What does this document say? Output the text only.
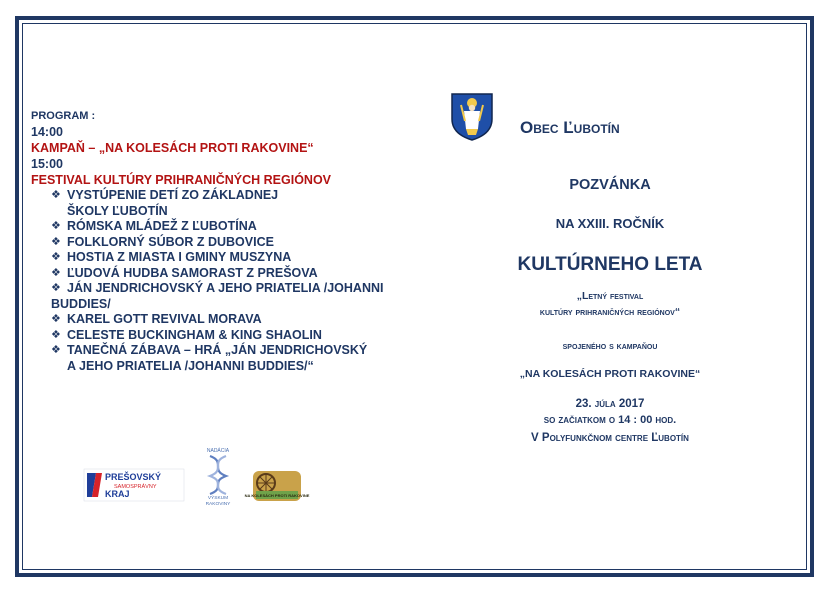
PROGRAM :
14:00
KAMPAŇ – „NA KOLESÁCH PROTI RAKOVINE“
15:00
FESTIVAL KULTÚRY PRIHRANIČNÝCH REGIÓNOV
❖ VYSTÚPENIE DETÍ ZO ZÁKLADNEJ
ŠKOLY ĽUBOTÍN
❖ RÓMSKA MLÁDEŽ Z ĽUBOTÍNA
❖ FOLKLORNÝ SÚBOR Z DUBOVICE
❖ HOSTIA Z MIASTA I GMINY MUSZYNA
❖ ĽUDOVÁ HUDBA SAMORAST Z PREŠOVA
❖ JÁN JENDRICHOVSKÝ A JEHO PRIATELIA /JOHANNI
BUDDIES/
❖ KAREL GOTT REVIVAL MORAVA
❖ CELESTE BUCKINGHAM & KING SHAOLIN
❖ TANEČNÁ ZÁBAVA – HRÁ „JÁN JENDRICHOVSKÝ
A JEHO PRIATELIA /JOHANNI BUDDIES/“
Obec Ľubotín
POZVÁNKA
NA XXIII. ROČNÍK
KULTÚRNEHO LETA
„Letný festival
kultúry prihraničných regiónov“
spojeného s kampaňou
„NA KOLESÁCH PROTI RAKOVINE“
23. júla 2017
so začiatkom o 14 : 00 hod.
V Polyfunkčnom centre Ľubotín
PREŠOVSKÝ
SAMOSPRÁVNY
KRAJ
NADÁCIA
VÝSKUM
RAKOVINY
NA KOLESÁCH PROTI RAKOVINE
